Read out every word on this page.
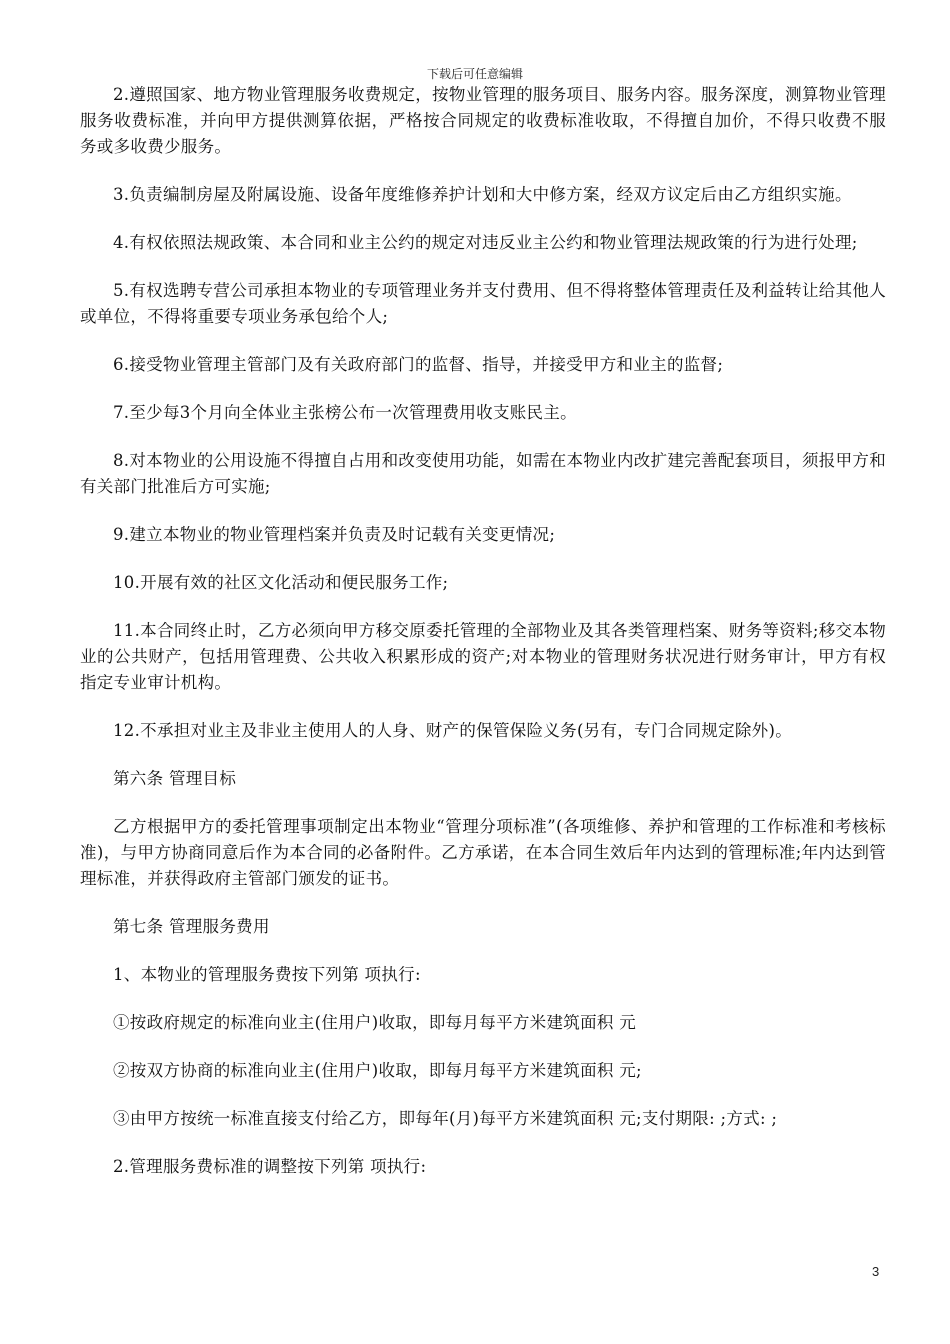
下载后可任意编辑

2.遵照国家、地方物业管理服务收费规定，按物业管理的服务项目、服务内容。服务深度，测算物业管理服务收费标准，并向甲方提供测算依据，严格按合同规定的收费标准收取，不得擅自加价，不得只收费不服务或多收费少服务。

3.负责编制房屋及附属设施、设备年度维修养护计划和大中修方案，经双方议定后由乙方组织实施。

4.有权依照法规政策、本合同和业主公约的规定对违反业主公约和物业管理法规政策的行为进行处理;

5.有权选聘专营公司承担本物业的专项管理业务并支付费用、但不得将整体管理责任及利益转让给其他人或单位，不得将重要专项业务承包给个人;

6.接受物业管理主管部门及有关政府部门的监督、指导，并接受甲方和业主的监督;

7.至少每3个月向全体业主张榜公布一次管理费用收支账民主。

8.对本物业的公用设施不得擅自占用和改变使用功能，如需在本物业内改扩建完善配套项目，须报甲方和有关部门批准后方可实施;

9.建立本物业的物业管理档案并负责及时记载有关变更情况;

10.开展有效的社区文化活动和便民服务工作;

11.本合同终止时，乙方必须向甲方移交原委托管理的全部物业及其各类管理档案、财务等资料;移交本物业的公共财产，包括用管理费、公共收入积累形成的资产;对本物业的管理财务状况进行财务审计，甲方有权指定专业审计机构。

12.不承担对业主及非业主使用人的人身、财产的保管保险义务(另有，专门合同规定除外)。

第六条 管理目标

乙方根据甲方的委托管理事项制定出本物业“管理分项标准”(各项维修、养护和管理的工作标准和考核标准)，与甲方协商同意后作为本合同的必备附件。乙方承诺，在本合同生效后年内达到的管理标准;年内达到管理标准，并获得政府主管部门颁发的证书。

第七条 管理服务费用

1、本物业的管理服务费按下列第 项执行:

①按政府规定的标准向业主(住用户)收取，即每月每平方米建筑面积 元

②按双方协商的标准向业主(住用户)收取，即每月每平方米建筑面积 元;

③由甲方按统一标准直接支付给乙方，即每年(月)每平方米建筑面积 元;支付期限: ;方式: ;

2.管理服务费标准的调整按下列第 项执行:

3
